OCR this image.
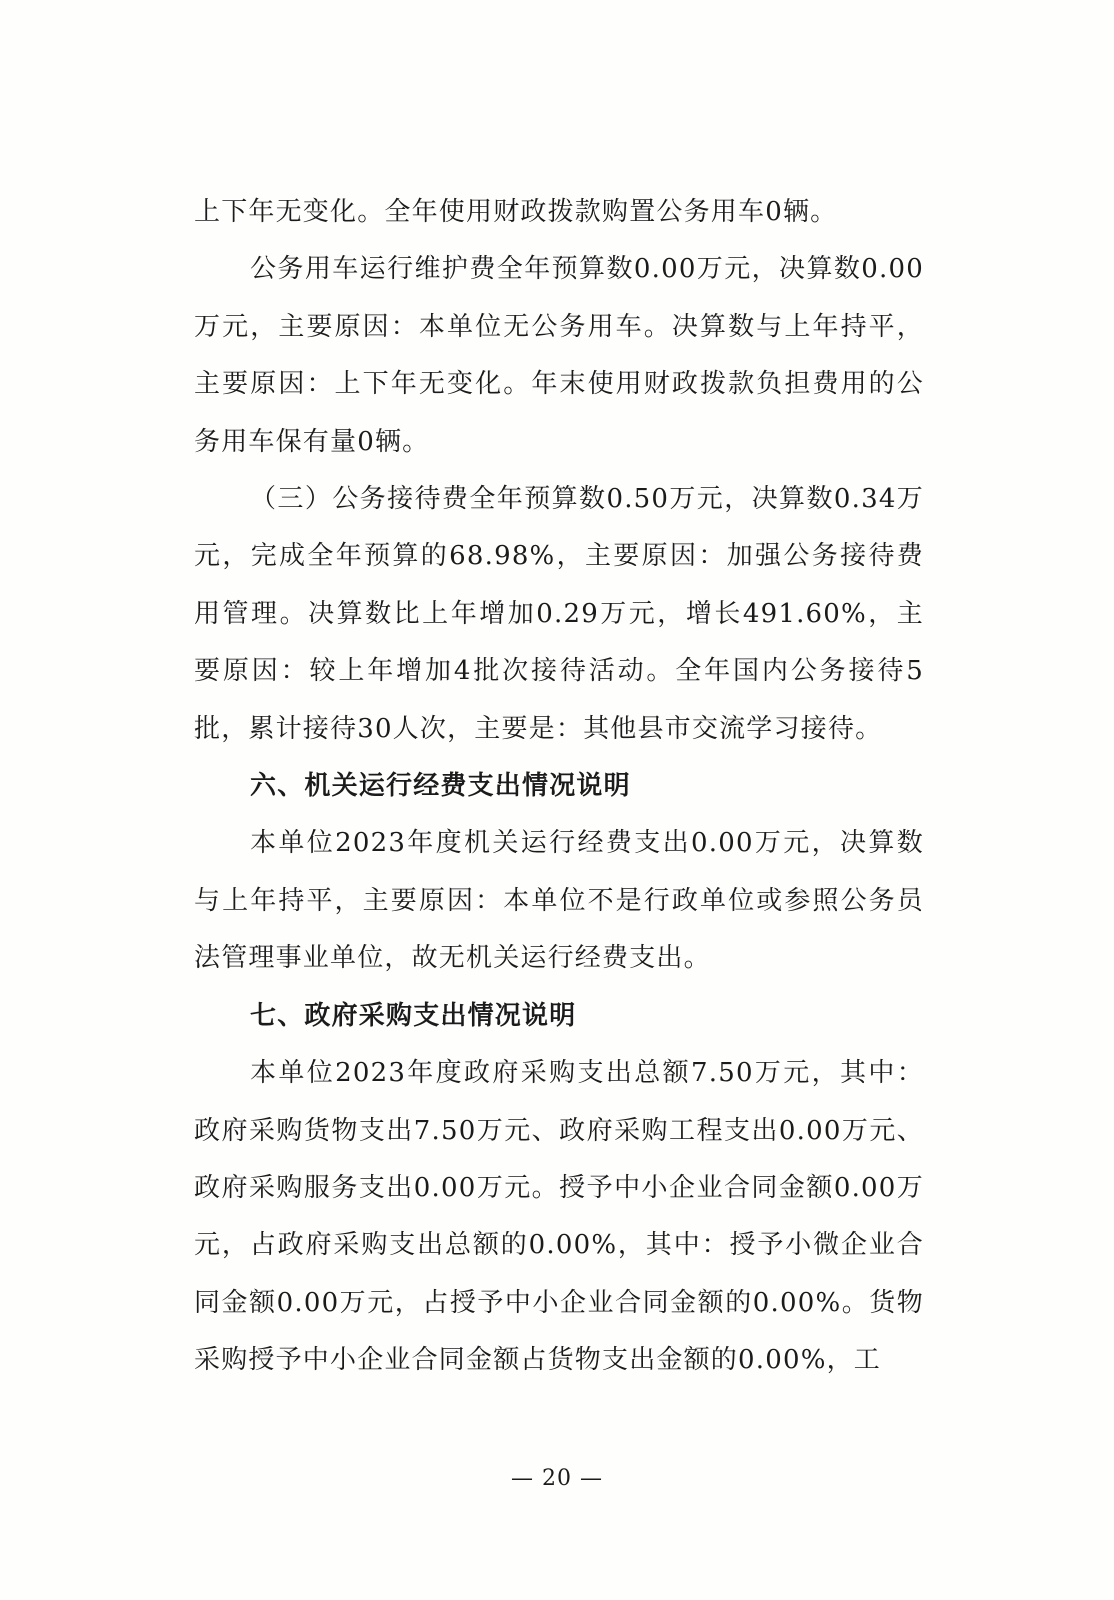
上下年无变化。全年使用财政拨款购置公务用车0辆。

公务用车运行维护费全年预算数0.00万元，决算数0.00万元，主要原因：本单位无公务用车。决算数与上年持平，主要原因：上下年无变化。年末使用财政拨款负担费用的公务用车保有量0辆。

（三）公务接待费全年预算数0.50万元，决算数0.34万元，完成全年预算的68.98%，主要原因：加强公务接待费用管理。决算数比上年增加0.29万元，增长491.60%，主要原因：较上年增加4批次接待活动。全年国内公务接待5批，累计接待30人次，主要是：其他县市交流学习接待。

六、机关运行经费支出情况说明

本单位2023年度机关运行经费支出0.00万元，决算数与上年持平，主要原因：本单位不是行政单位或参照公务员法管理事业单位，故无机关运行经费支出。

七、政府采购支出情况说明

本单位2023年度政府采购支出总额7.50万元，其中：政府采购货物支出7.50万元、政府采购工程支出0.00万元、政府采购服务支出0.00万元。授予中小企业合同金额0.00万元，占政府采购支出总额的0.00%，其中：授予小微企业合同金额0.00万元，占授予中小企业合同金额的0.00%。货物采购授予中小企业合同金额占货物支出金额的0.00%，工

— 20 —
